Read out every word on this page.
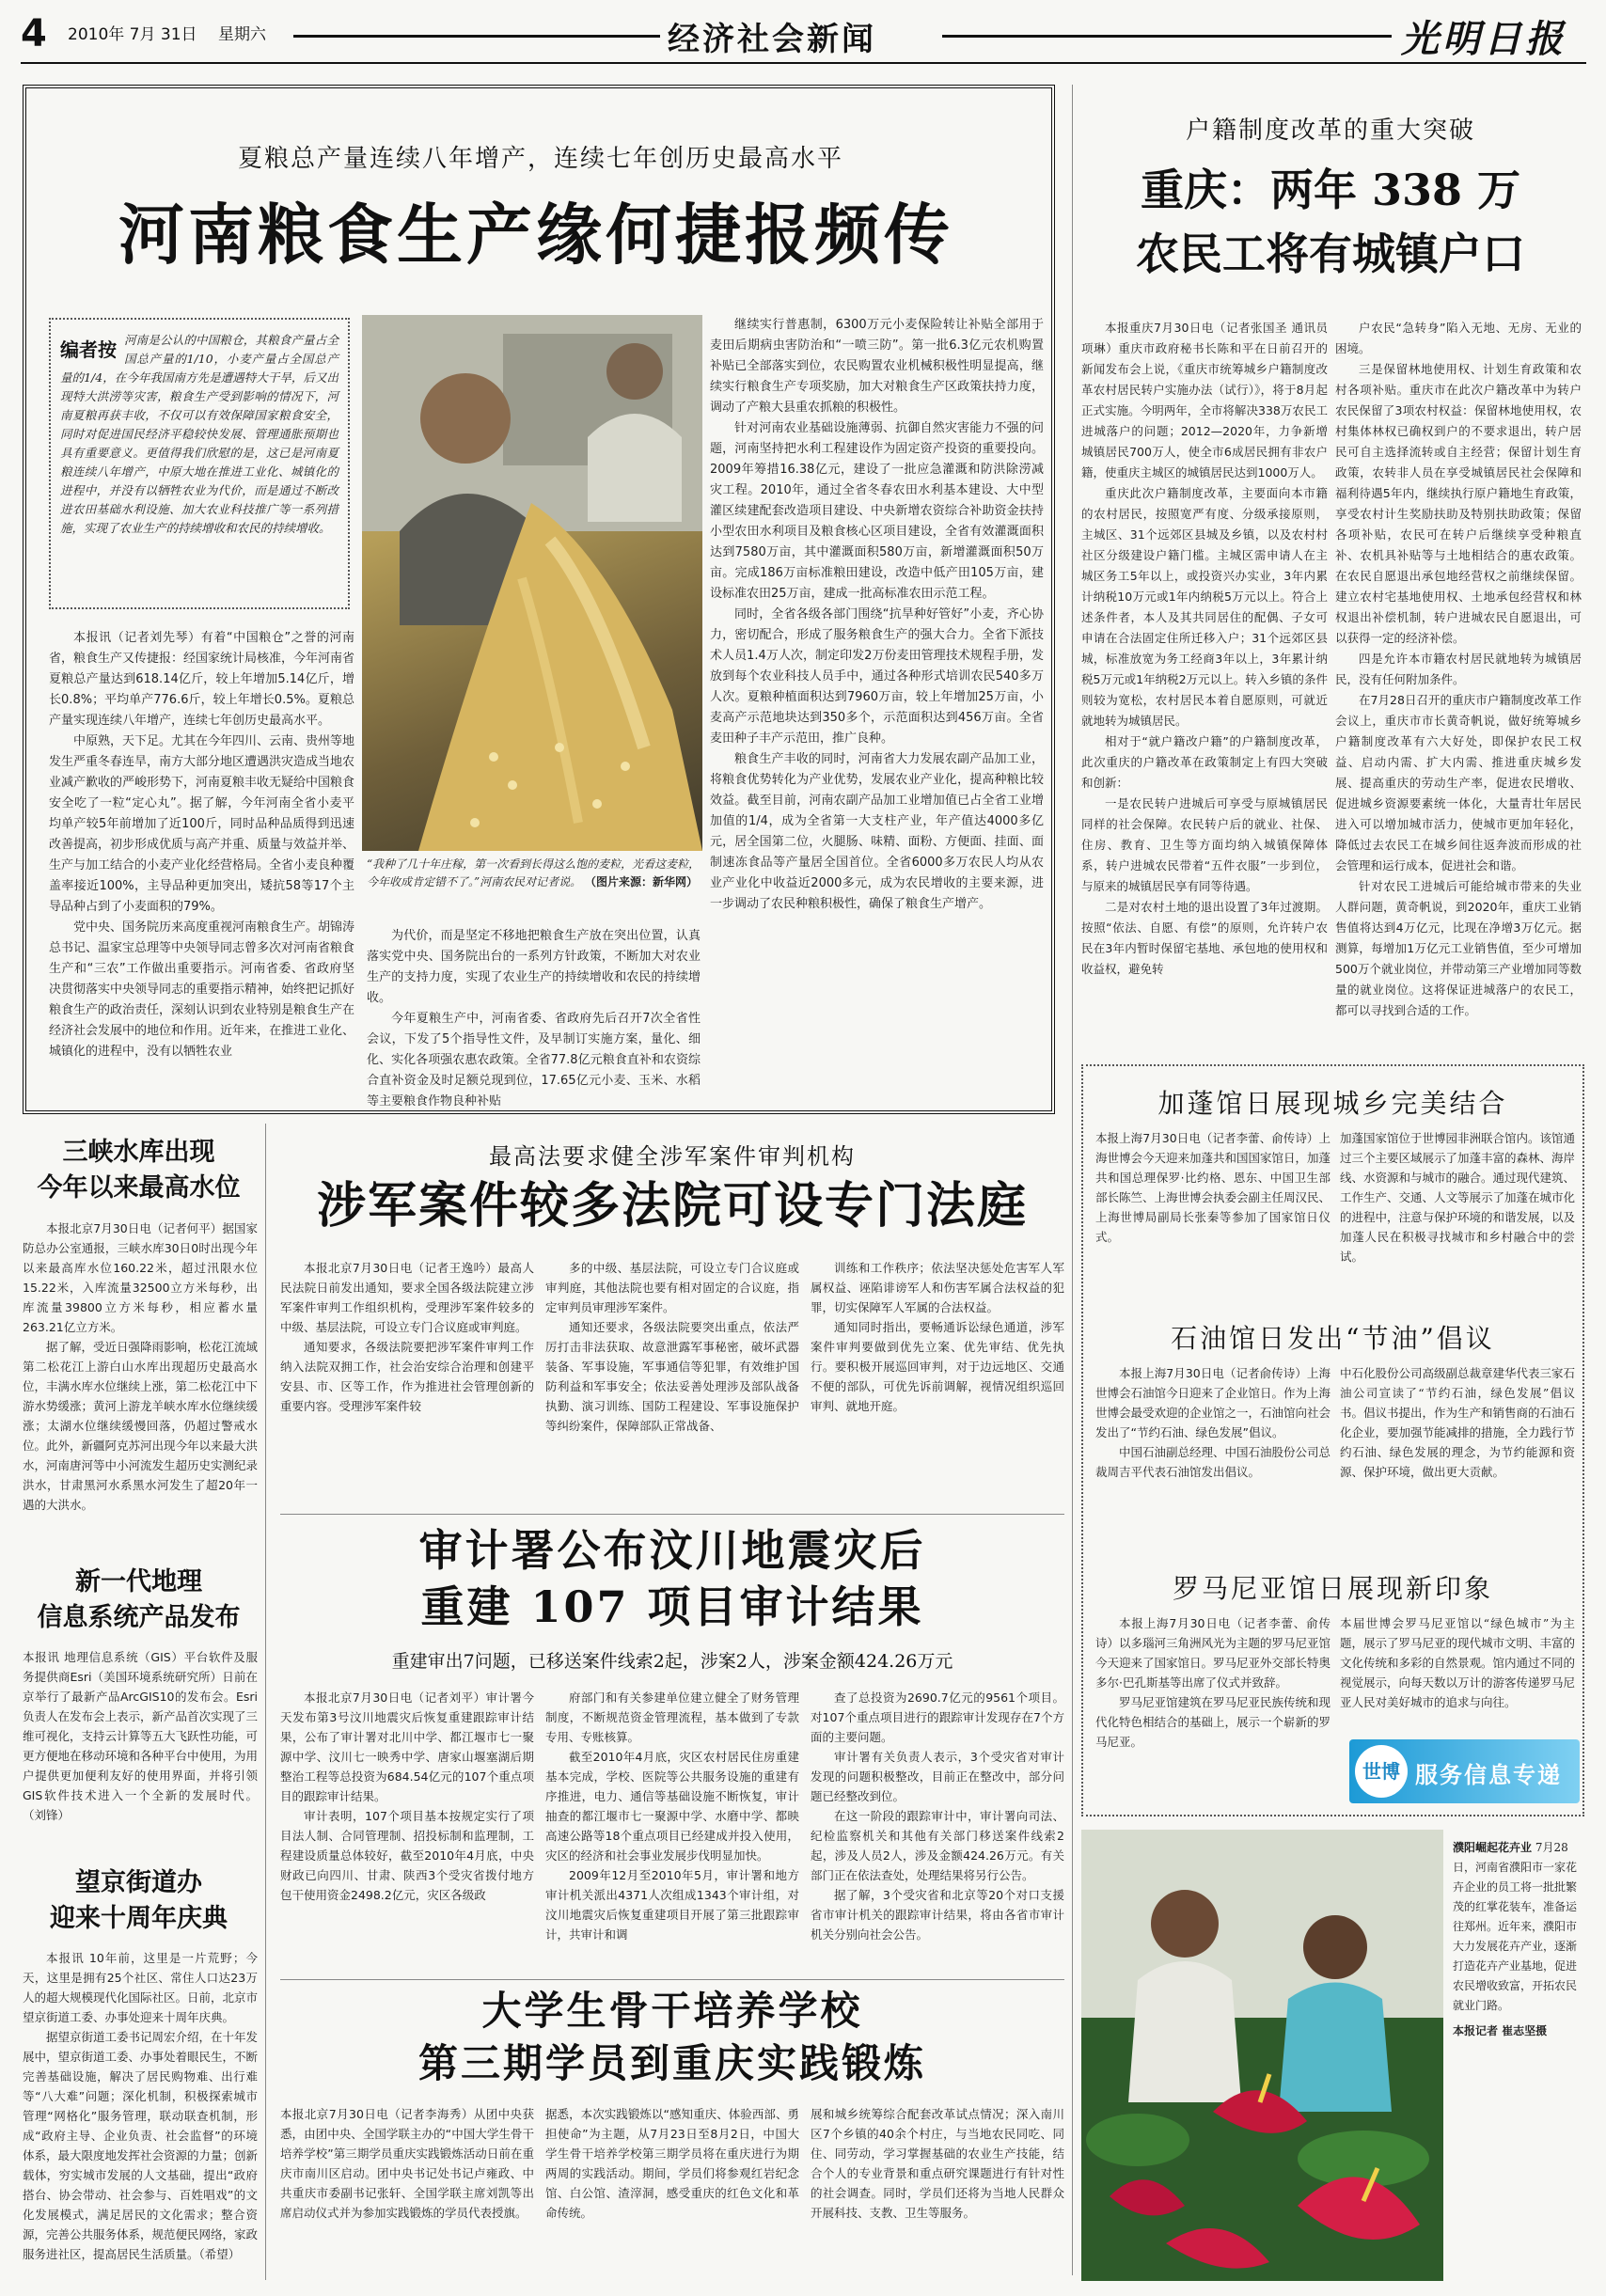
4 2010年 7月 31日 星期六	经济社会新闻	光明日报
夏粮总产量连续八年增产，连续七年创历史最高水平
河南粮食生产缘何捷报频传
编者按 河南是公认的中国粮仓，其粮食产量占全国总产量的1/10，小麦产量占全国总产量的1/4，在今年我国南方先是遭遇特大干旱，后又出现特大洪涝等灾害，粮食生产受到影响的情况下，河南夏粮再获丰收，不仅可以有效保障国家粮食安全，同时对促进国民经济平稳较快发展、管理通胀预期也具有重要意义。更值得我们欣慰的是，这已是河南夏粮连续八年增产，中原大地在推进工业化、城镇化的进程中，并没有以牺牲农业为代价，而是通过不断改进农田基础水利设施、加大农业科技推广等一系列措施，实现了农业生产的持续增收和农民的持续增收。
“我种了几十年庄稼，第一次看到长得这么饱的麦粒，光看这麦粒，今年收成肯定错不了。”河南农民对记者说。 （图片来源：新华网）
本报讯（记者刘先琴）有着“中国粮仓”之誉的河南省，粮食生产又传捷报：经国家统计局核准，今年河南省夏粮总产量达到618.14亿斤，较上年增加5.14亿斤，增长0.8%；平均单产776.6斤，较上年增长0.5%。夏粮总产量实现连续八年增产，连续七年创历史最高水平。
中原熟，天下足。尤其在今年四川、云南、贵州等地发生严重冬春连旱，南方大部分地区遭遇洪灾造成当地农业减产歉收的严峻形势下，河南夏粮丰收无疑给中国粮食安全吃了一粒“定心丸”。据了解，今年河南全省小麦平均单产较5年前增加了近100斤，同时品种品质得到迅速改善提高，初步形成优质与高产并重、质量与效益并举、生产与加工结合的小麦产业化经营格局。全省小麦良种覆盖率接近100%，主导品种更加突出，矮抗58等17个主导品种占到了小麦面积的79%。
党中央、国务院历来高度重视河南粮食生产。胡锦涛总书记、温家宝总理等中央领导同志曾多次对河南省粮食生产和“三农”工作做出重要指示。河南省委、省政府坚决贯彻落实中央领导同志的重要指示精神，始终把记抓好粮食生产的政治责任，深刻认识到农业特别是粮食生产在经济社会发展中的地位和作用。近年来，在推进工业化、城镇化的进程中，没有以牺牲农业
为代价，而是坚定不移地把粮食生产放在突出位置，认真落实党中央、国务院出台的一系列方针政策，不断加大对农业生产的支持力度，实现了农业生产的持续增收和农民的持续增收。
今年夏粮生产中，河南省委、省政府先后召开7次全省性会议，下发了5个指导性文件，及早制订实施方案，量化、细化、实化各项强农惠农政策。全省77.8亿元粮食直补和农资综合直补资金及时足额兑现到位，17.65亿元小麦、玉米、水稻等主要粮食作物良种补贴
继续实行普惠制，6300万元小麦保险转让补贴全部用于麦田后期病虫害防治和“一喷三防”。第一批6.3亿元农机购置补贴已全部落实到位，农民购置农业机械积极性明显提高，继续实行粮食生产专项奖励，加大对粮食生产区政策扶持力度，调动了产粮大县重农抓粮的积极性。
针对河南农业基础设施薄弱、抗御自然灾害能力不强的问题，河南坚持把水利工程建设作为固定资产投资的重要投向。2009年筹措16.38亿元，建设了一批应急灌溉和防洪除涝减灾工程。2010年，通过全省冬春农田水利基本建设、大中型灌区续建配套改造项目建设、中央新增农资综合补助资金扶持小型农田水利项目及粮食核心区项目建设，全省有效灌溉面积达到7580万亩，其中灌溉面积580万亩，新增灌溉面积50万亩。完成186万亩标准粮田建设，改造中低产田105万亩，建设标准农田25万亩，建成一批高标准农田示范工程。
同时，全省各级各部门围绕“抗旱种好管好”小麦，齐心协力，密切配合，形成了服务粮食生产的强大合力。全省下派技术人员1.4万人次，制定印发2万份麦田管理技术规程手册，发放到每个农业科技人员手中，通过各种形式培训农民540多万人次。夏粮种植面积达到7960万亩，较上年增加25万亩，小麦高产示范地块达到350多个，示范面积达到456万亩。全省麦田种子丰产示范田，推广良种。
粮食生产丰收的同时，河南省大力发展农副产品加工业，将粮食优势转化为产业优势，发展农业产业化，提高种粮比较效益。截至目前，河南农副产品加工业增加值已占全省工业增加值的1/4，成为全省第一大支柱产业，年产值达4000多亿元，居全国第二位，火腿肠、味精、面粉、方便面、挂面、面制速冻食品等产量居全国首位。全省6000多万农民人均从农业产业化中收益近2000多元，成为农民增收的主要来源，进一步调动了农民种粮积极性，确保了粮食生产增产。
户籍制度改革的重大突破
重庆：两年 338 万
农民工将有城镇户口
本报重庆7月30日电（记者张国圣 通讯员项琳）重庆市政府秘书长陈和平在日前召开的新闻发布会上说，《重庆市统筹城乡户籍制度改革农村居民转户实施办法（试行）》，将于8月起正式实施。今明两年，全市将解决338万农民工进城落户的问题；2012—2020年，力争新增城镇居民700万人，使全市6成居民拥有非农户籍，使重庆主城区的城镇居民达到1000万人。
重庆此次户籍制度改革，主要面向本市籍的农村居民，按照宽严有度、分级承接原则，主城区、31个远郊区县城及乡镇，以及农村村社区分级建设户籍门槛。主城区需申请人在主城区务工5年以上，或投资兴办实业，3年内累计纳税10万元或1年内纳税5万元以上。符合上述条件者，本人及其共同居住的配偶、子女可申请在合法固定住所迁移入户；31个远郊区县城，标准放宽为务工经商3年以上，3年累计纳税5万元或1年纳税2万元以上。转入乡镇的条件则较为宽松，农村居民本着自愿原则，可就近就地转为城镇居民。
相对于“就户籍改户籍”的户籍制度改革，此次重庆的户籍改革在政策制定上有四大突破和创新：
一是农民转户进城后可享受与原城镇居民同样的社会保障。农民转户后的就业、社保、住房、教育、卫生等方面均纳入城镇保障体系，转户进城农民带着“五件衣服”一步到位，与原来的城镇居民享有同等待遇。
二是对农村土地的退出设置了3年过渡期。按照“依法、自愿、有偿”的原则，允许转户农民在3年内暂时保留宅基地、承包地的使用权和收益权，避免转
户农民“急转身”陷入无地、无房、无业的困境。
三是保留林地使用权、计划生育政策和农村各项补贴。重庆市在此次户籍改革中为转户农民保留了3项农村权益：保留林地使用权，农村集体林权已确权到户的不要求退出，转户居民可自主选择流转或自主经营；保留计划生育政策，农转非人员在享受城镇居民社会保障和福利待遇5年内，继续执行原户籍地生育政策，享受农村计生奖励扶助及特别扶助政策；保留各项补贴，农民可在转户后继续享受种粮直补、农机具补贴等与土地相结合的惠农政策。在农民自愿退出承包地经营权之前继续保留。建立农村宅基地使用权、土地承包经营权和林权退出补偿机制，转户进城农民自愿退出，可以获得一定的经济补偿。
四是允许本市籍农村居民就地转为城镇居民，没有任何附加条件。
在7月28日召开的重庆市户籍制度改革工作会议上，重庆市市长黄奇帆说，做好统筹城乡户籍制度改革有六大好处，即保护农民工权益、启动内需、扩大内需、推进重庆城乡发展、提高重庆的劳动生产率，促进农民增收、促进城乡资源要素统一体化，大量青壮年居民进入可以增加城市活力，使城市更加年轻化，降低过去农民工在城乡间往返奔波而形成的社会管理和运行成本，促进社会和谐。
针对农民工进城后可能给城市带来的失业人群问题，黄奇帆说，到2020年，重庆工业销售值将达到4万亿元，比现在净增3万亿元。据测算，每增加1万亿元工业销售值，至少可增加500万个就业岗位，并带动第三产业增加同等数量的就业岗位。这将保证进城落户的农民工，都可以寻找到合适的工作。
加蓬馆日展现城乡完美结合
本报上海7月30日电（记者李蕾、俞传诗）上海世博会今天迎来加蓬共和国国家馆日，加蓬共和国总理保罗·比约格、恩东、中国卫生部部长陈竺、上海世博会执委会副主任周汉民、上海世博局副局长张秦等参加了国家馆日仪式。
加蓬国家馆位于世博园非洲联合馆内。该馆通过三个主要区域展示了加蓬丰富的森林、海岸线、水资源和与城市的融合。通过现代建筑、工作生产、交通、人文等展示了加蓬在城市化的进程中，注意与保护环境的和谐发展，以及加蓬人民在积极寻找城市和乡村融合中的尝试。
石油馆日发出“节油”倡议
本报上海7月30日电（记者俞传诗）上海世博会石油馆今日迎来了企业馆日。作为上海世博会最受欢迎的企业馆之一，石油馆向社会发出了“节约石油、绿色发展”倡议。
中国石油副总经理、中国石油股份公司总裁周吉平代表石油馆发出倡议。
中石化股份公司高级副总裁章建华代表三家石油公司宣读了“节约石油，绿色发展”倡议书。倡议书提出，作为生产和销售商的石油石化企业，要加强节能减排的措施，全力践行节约石油、绿色发展的理念，为节约能源和资源、保护环境，做出更大贡献。
罗马尼亚馆日展现新印象
本报上海7月30日电（记者李蕾、俞传诗）以多瑙河三角洲风光为主题的罗马尼亚馆今天迎来了国家馆日。罗马尼亚外交部长特奥多尔·巴孔斯基等出席了仪式并致辞。
罗马尼亚馆建筑在罗马尼亚民族传统和现代化特色相结合的基础上，展示一个崭新的罗马尼亚。
本届世博会罗马尼亚馆以“绿色城市”为主题，展示了罗马尼亚的现代城市文明、丰富的文化传统和多彩的自然景观。馆内通过不同的视觉展示，向每天数以万计的游客传递罗马尼亚人民对美好城市的追求与向往。
世博 服务信息专递
濮阳崛起花卉业 7月28日，河南省濮阳市一家花卉企业的员工将一批批繁茂的红掌花装车，准备运往郑州。近年来，濮阳市大力发展花卉产业，逐渐打造花卉产业基地，促进农民增收致富，开拓农民就业门路。
本报记者 崔志坚摄
三峡水库出现
今年以来最高水位
本报北京7月30日电（记者何平）据国家防总办公室通报，三峡水库30日0时出现今年以来最高库水位160.22米，超过汛限水位15.22米，入库流量32500立方米每秒，出库流量39800立方米每秒，相应蓄水量263.21亿立方米。
据了解，受近日强降雨影响，松花江流域第二松花江上游白山水库出现超历史最高水位，丰满水库水位继续上涨，第二松花江中下游水势缓涨；黄河上游龙羊峡水库水位继续缓涨；太湖水位继续缓慢回落，仍超过警戒水位。此外，新疆阿克苏河出现今年以来最大洪水，河南唐河等中小河流发生超历史实测纪录洪水，甘肃黑河水系黑水河发生了超20年一遇的大洪水。
新一代地理
信息系统产品发布
本报讯 地理信息系统（GIS）平台软件及服务提供商Esri（美国环境系统研究所）日前在京举行了最新产品ArcGIS10的发布会。Esri负责人在发布会上表示，新产品首次实现了三维可视化，支持云计算等五大飞跃性功能，可更方便地在移动环境和各种平台中使用，为用户提供更加便利友好的使用界面，并将引领GIS软件技术进入一个全新的发展时代。 （刘锋）
望京街道办
迎来十周年庆典
本报讯 10年前，这里是一片荒野；今天，这里是拥有25个社区、常住人口达23万人的超大规模现代化国际社区。日前，北京市望京街道工委、办事处迎来十周年庆典。
据望京街道工委书记周宏介绍，在十年发展中，望京街道工委、办事处着眼民生，不断完善基础设施，解决了居民购物难、出行难等“八大难”问题；深化机制，积极探索城市管理“网格化”服务管理，联动联查机制，形成“政府主导、企业负责、社会监督”的环境体系，最大限度地发挥社会资源的力量；创新载体，穷实城市发展的人文基础，提出“政府搭台、协会带动、社会参与、百姓唱戏”的文化发展模式，满足居民的文化需求；整合资源，完善公共服务体系，规范便民网络，家政服务进社区，提高居民生活质量。（希望）
最高法要求健全涉军案件审判机构
涉军案件较多法院可设专门法庭
本报北京7月30日电（记者王逸吟）最高人民法院日前发出通知，要求全国各级法院建立涉军案件审判工作组织机构，受理涉军案件较多的中级、基层法院，可设立专门合议庭或审判庭。
通知要求，各级法院要把涉军案件审判工作纳入法院双拥工作，社会治安综合治理和创建平安县、市、区等工作，作为推进社会管理创新的重要内容。受理涉军案件较
多的中级、基层法院，可设立专门合议庭或审判庭，其他法院也要有相对固定的合议庭，指定审判员审理涉军案件。
通知还要求，各级法院要突出重点，依法严厉打击非法获取、故意泄露军事秘密，破坏武器装备、军事设施，军事通信等犯罪，有效维护国防利益和军事安全；依法妥善处理涉及部队战备执勤、演习训练、国防工程建设、军事设施保护等纠纷案件，保障部队正常战备、
训练和工作秩序；依法坚决惩处危害军人军属权益、诬陷诽谤军人和伤害军属合法权益的犯罪，切实保障军人军属的合法权益。
通知同时指出，要畅通诉讼绿色通道，涉军案件审判要做到优先立案、优先审结、优先执行。要积极开展巡回审判，对于边远地区、交通不便的部队，可优先诉前调解，视情况组织巡回审判、就地开庭。
审计署公布汶川地震灾后
重建 107 项目审计结果
重建审出7问题，已移送案件线索2起，涉案2人，涉案金额424.26万元
本报北京7月30日电（记者刘平）审计署今天发布第3号汶川地震灾后恢复重建跟踪审计结果，公布了审计署对北川中学、都江堰市七一聚源中学、汶川七一映秀中学、唐家山堰塞湖后期整治工程等总投资为684.54亿元的107个重点项目的跟踪审计结果。
审计表明，107个项目基本按规定实行了项目法人制、合同管理制、招投标制和监理制，工程建设质量总体较好，截至2010年4月底，中央财政已向四川、甘肃、陕西3个受灾省拨付地方包干使用资金2498.2亿元，灾区各级政
府部门和有关参建单位建立健全了财务管理制度，不断规范资金管理流程，基本做到了专款专用、专账核算。
截至2010年4月底，灾区农村居民住房重建基本完成，学校、医院等公共服务设施的重建有序推进，电力、通信等基础设施不断恢复，审计抽查的都江堰市七一聚源中学、水磨中学、都映高速公路等18个重点项目已经建成并投入使用，灾区的经济和社会事业发展步伐明显加快。
2009年12月至2010年5月，审计署和地方审计机关派出4371人次组成1343个审计组，对汶川地震灾后恢复重建项目开展了第三批跟踪审计，共审计和调
查了总投资为2690.7亿元的9561个项目。对107个重点项目进行的跟踪审计发现存在7个方面的主要问题。
审计署有关负责人表示，3个受灾省对审计发现的问题积极整改，目前正在整改中，部分问题已经整改到位。
在这一阶段的跟踪审计中，审计署向司法、纪检监察机关和其他有关部门移送案件线索2起，涉及人员2人，涉及金额424.26万元。有关部门正在依法查处，处理结果将另行公告。
据了解，3个受灾省和北京等20个对口支援省市审计机关的跟踪审计结果，将由各省市审计机关分别向社会公告。
大学生骨干培养学校
第三期学员到重庆实践锻炼
本报北京7月30日电（记者李海秀）从团中央获悉，由团中央、全国学联主办的“中国大学生骨干培养学校”第三期学员重庆实践锻炼活动日前在重庆市南川区启动。团中央书记处书记卢雍政、中共重庆市委副书记张轩、全国学联主席刘凯等出席启动仪式并为参加实践锻炼的学员代表授旗。
据悉，本次实践锻炼以“感知重庆、体验西部、勇担使命”为主题，从7月23日至8月2日，中国大学生骨干培养学校第三期学员将在重庆进行为期两周的实践活动。期间，学员们将参观红岩纪念馆、白公馆、渣滓洞，感受重庆的红色文化和革命传统。
展和城乡统筹综合配套改革试点情况；深入南川区7个乡镇的40余个村庄，与当地农民同吃、同住、同劳动，学习掌握基础的农业生产技能，结合个人的专业背景和重点研究课题进行有针对性的社会调查。同时，学员们还将为当地人民群众开展科技、支教、卫生等服务。
